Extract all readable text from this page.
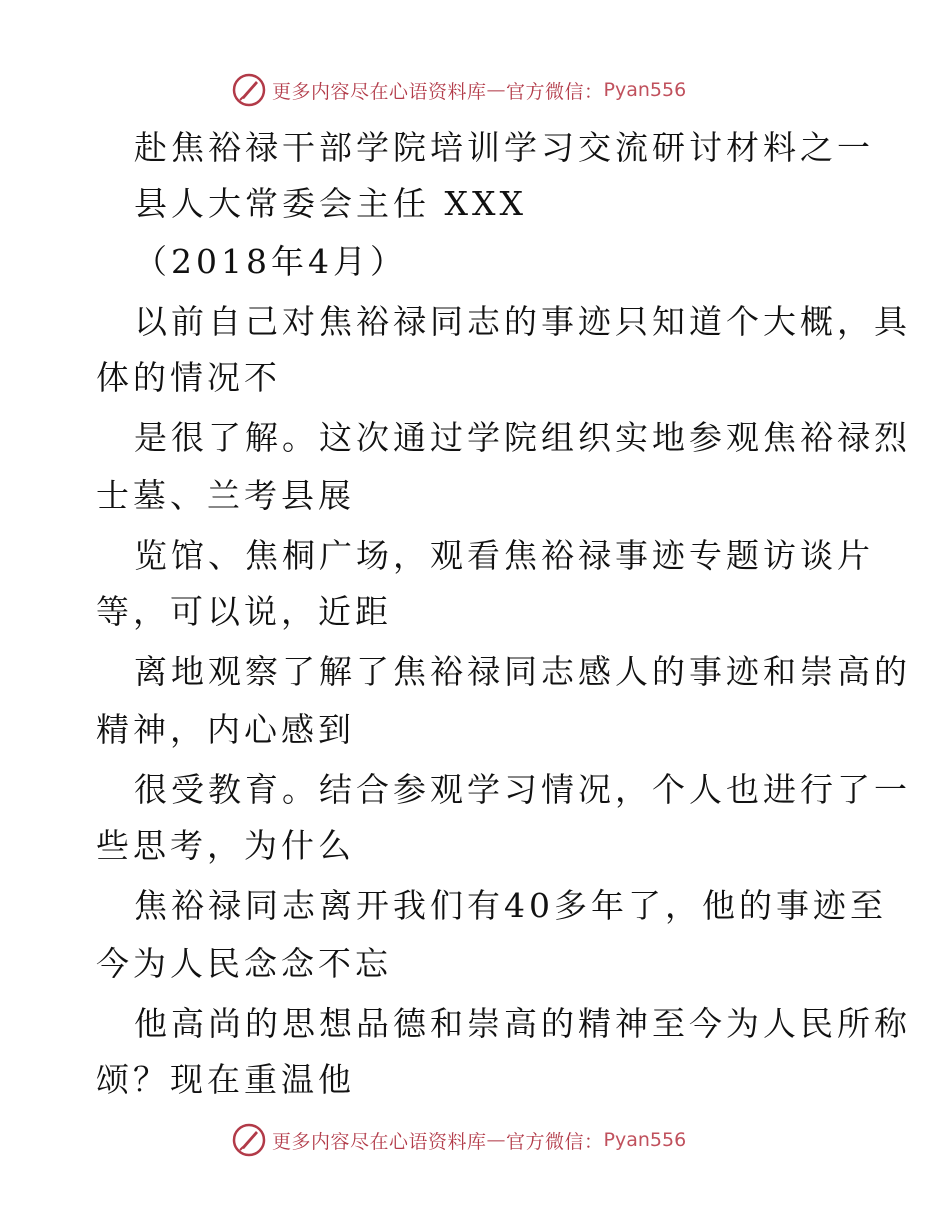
更多内容尽在心语资料库 — 官方微信： Pyan556
赴焦裕禄干部学院培训学习交流研讨材料之一
县人大常委会主任 XXX
（2018年4月）
以前自己对焦裕禄同志的事迹只知道个大概，具
体的情况不
是很了解。这次通过学院组织实地参观焦裕禄烈
士墓、兰考县展
览馆、焦桐广场，观看焦裕禄事迹专题访谈片
等，可以说，近距
离地观察了解了焦裕禄同志感人的事迹和崇高的
精神，内心感到
很受教育。结合参观学习情况，个人也进行了一
些思考，为什么
焦裕禄同志离开我们有40多年了，他的事迹至
今为人民念念不忘
他高尚的思想品德和崇高的精神至今为人民所称
颂？现在重温他
更多内容尽在心语资料库 — 官方微信： Pyan556
